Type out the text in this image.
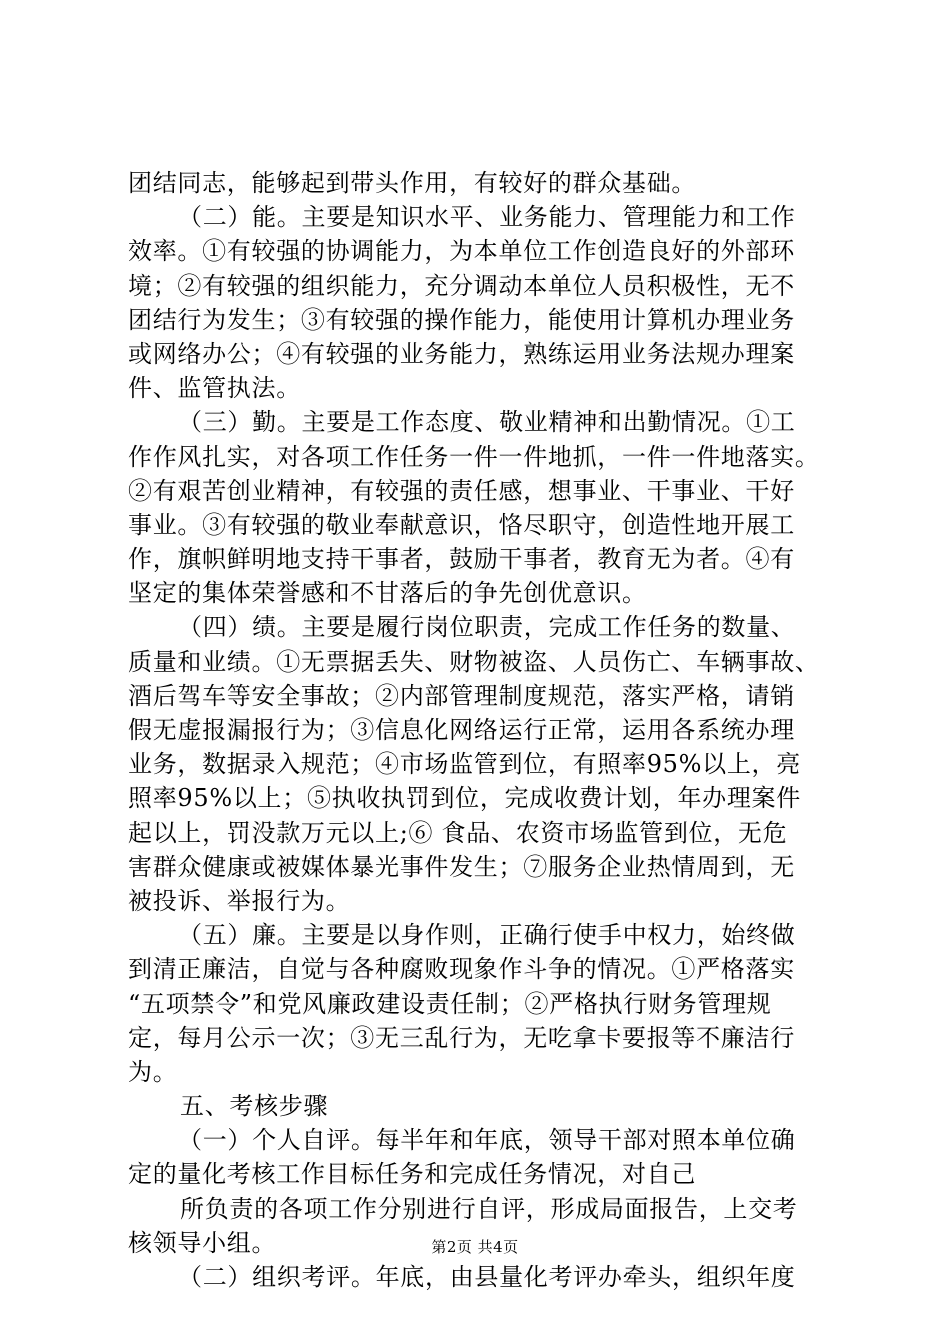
团结同志，能够起到带头作用，有较好的群众基础。
（二）能。主要是知识水平、业务能力、管理能力和工作
效率。①有较强的协调能力，为本单位工作创造良好的外部环
境；②有较强的组织能力，充分调动本单位人员积极性，无不
团结行为发生；③有较强的操作能力，能使用计算机办理业务
或网络办公；④有较强的业务能力，熟练运用业务法规办理案
件、监管执法。
（三）勤。主要是工作态度、敬业精神和出勤情况。①工
作作风扎实，对各项工作任务一件一件地抓，一件一件地落实。
②有艰苦创业精神，有较强的责任感，想事业、干事业、干好
事业。③有较强的敬业奉献意识，恪尽职守，创造性地开展工
作，旗帜鲜明地支持干事者，鼓励干事者，教育无为者。④有
坚定的集体荣誉感和不甘落后的争先创优意识。
（四）绩。主要是履行岗位职责，完成工作任务的数量、
质量和业绩。①无票据丢失、财物被盗、人员伤亡、车辆事故、
酒后驾车等安全事故；②内部管理制度规范，落实严格，请销
假无虚报漏报行为；③信息化网络运行正常，运用各系统办理
业务，数据录入规范；④市场监管到位，有照率95%以上，亮
照率95%以上；⑤执收执罚到位，完成收费计划，年办理案件
起以上，罚没款万元以上;⑥ 食品、农资市场监管到位，无危
害群众健康或被媒体暴光事件发生；⑦服务企业热情周到，无
被投诉、举报行为。
（五）廉。主要是以身作则，正确行使手中权力，始终做
到清正廉洁，自觉与各种腐败现象作斗争的情况。①严格落实
“五项禁令”和党风廉政建设责任制；②严格执行财务管理规
定，每月公示一次；③无三乱行为，无吃拿卡要报等不廉洁行
为。
五、考核步骤
（一）个人自评。每半年和年底，领导干部对照本单位确
定的量化考核工作目标任务和完成任务情况，对自己
所负责的各项工作分别进行自评，形成局面报告，上交考
核领导小组。
（二）组织考评。年底，由县量化考评办牵头，组织年度
第2页 共4页
